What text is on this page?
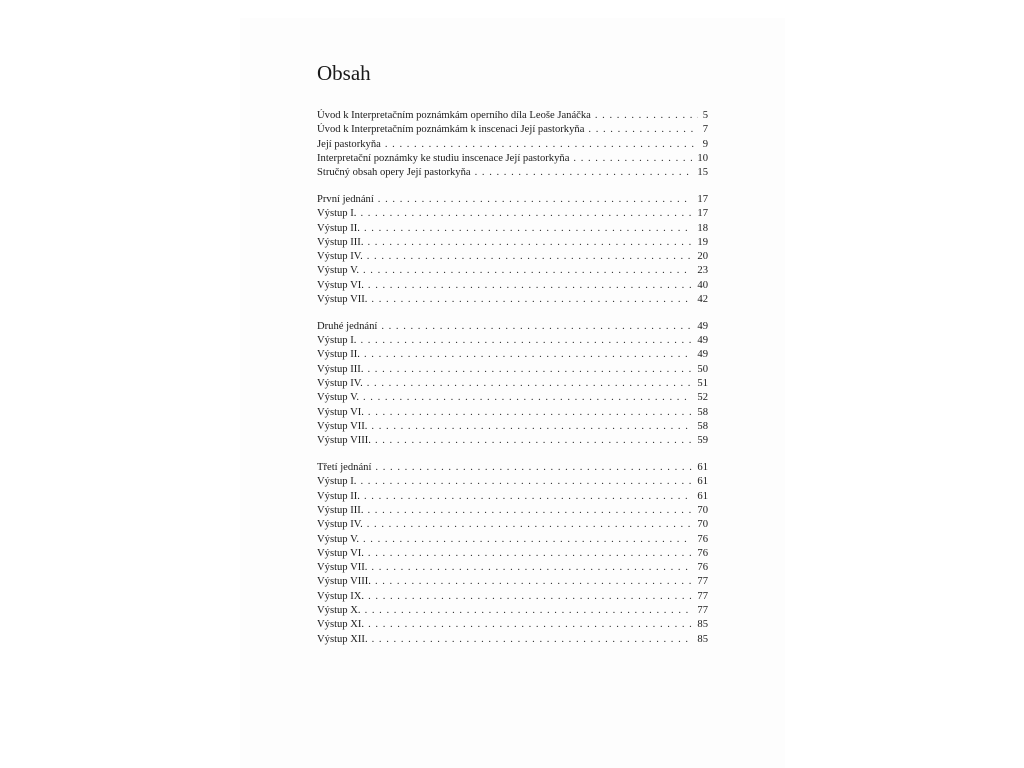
Obsah
Úvod k Interpretačním poznámkám operního díla Leoše Janáčka . . .	5
Úvod k Interpretačním poznámkám k inscenaci Její pastorkyňa . . .	7
Její pastorkyňa . . .	9
Interpretační poznámky ke studiu inscenace Její pastorkyňa . . .	10
Stručný obsah opery Její pastorkyňa . . .	15
První jednání . . .	17
Výstup I. . . .	17
Výstup II. . . .	18
Výstup III. . . .	19
Výstup IV. . . .	20
Výstup V. . . .	23
Výstup VI. . . .	40
Výstup VII. . . .	42
Druhé jednání . . .	49
Výstup I. . . .	49
Výstup II. . . .	49
Výstup III. . . .	50
Výstup IV. . . .	51
Výstup V. . . .	52
Výstup VI. . . .	58
Výstup VII. . . .	58
Výstup VIII. . . .	59
Třetí jednání . . .	61
Výstup I. . . .	61
Výstup II. . . .	61
Výstup III. . . .	70
Výstup IV. . . .	70
Výstup V. . . .	76
Výstup VI. . . .	76
Výstup VII. . . .	76
Výstup VIII. . . .	77
Výstup IX. . . .	77
Výstup X. . . .	77
Výstup XI. . . .	85
Výstup XII. . . .	85
